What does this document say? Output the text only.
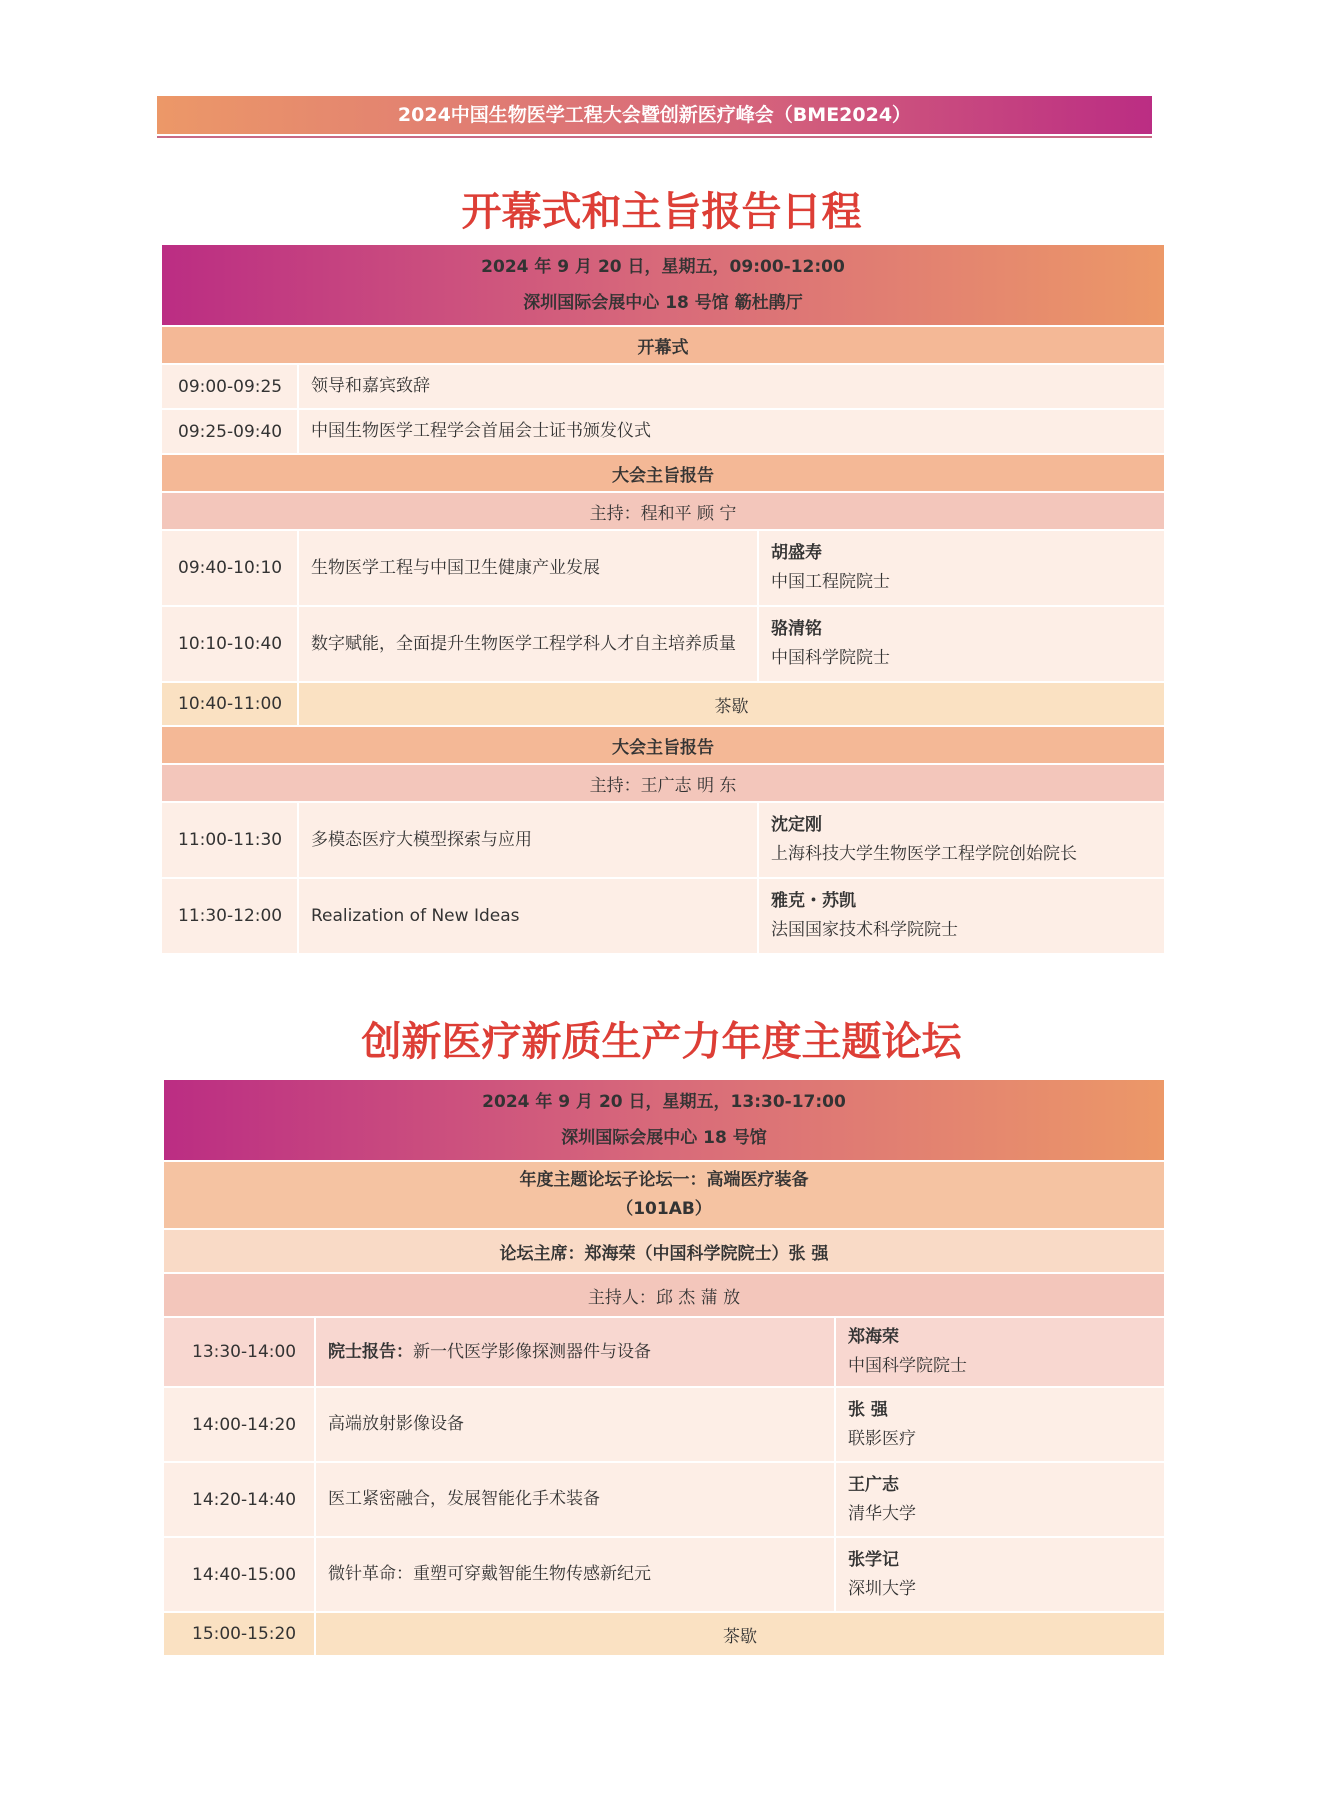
2024中国生物医学工程大会暨创新医疗峰会（BME2024）
开幕式和主旨报告日程
2024 年 9 月 20 日，星期五，09:00-12:00
深圳国际会展中心 18 号馆 簕杜鹃厅		

开幕式		
09:00-09:25	领导和嘉宾致辞	
09:25-09:40	中国生物医学工程学会首届会士证书颁发仪式	
大会主旨报告		
主持：程和平 顾 宁		
09:40-10:10	生物医学工程与中国卫生健康产业发展	胡盛寿
中国工程院院士

10:10-10:40	数字赋能，全面提升生物医学工程学科人才自主培养质量	骆清铭
中国科学院院士

10:40-11:00	茶歇	
大会主旨报告		
主持：王广志 明 东		
11:00-11:30	多模态医疗大模型探索与应用	沈定刚
上海科技大学生物医学工程学院创始院长

11:30-12:00	Realization of New Ideas	雅克・苏凯
法国国家技术科学院院士
创新医疗新质生产力年度主题论坛
2024 年 9 月 20 日，星期五，13:30-17:00
深圳国际会展中心 18 号馆		

年度主题论坛子论坛一：高端医疗装备
（101AB）		

论坛主席：郑海荣（中国科学院院士）张 强		
主持人：邱 杰 蒲 放		
13:30-14:00	院士报告：新一代医学影像探测器件与设备	郑海荣
中国科学院院士

14:00-14:20	高端放射影像设备	张 强
联影医疗

14:20-14:40	医工紧密融合，发展智能化手术装备	王广志
清华大学

14:40-15:00	微针革命：重塑可穿戴智能生物传感新纪元	张学记
深圳大学

15:00-15:20	茶歇	
